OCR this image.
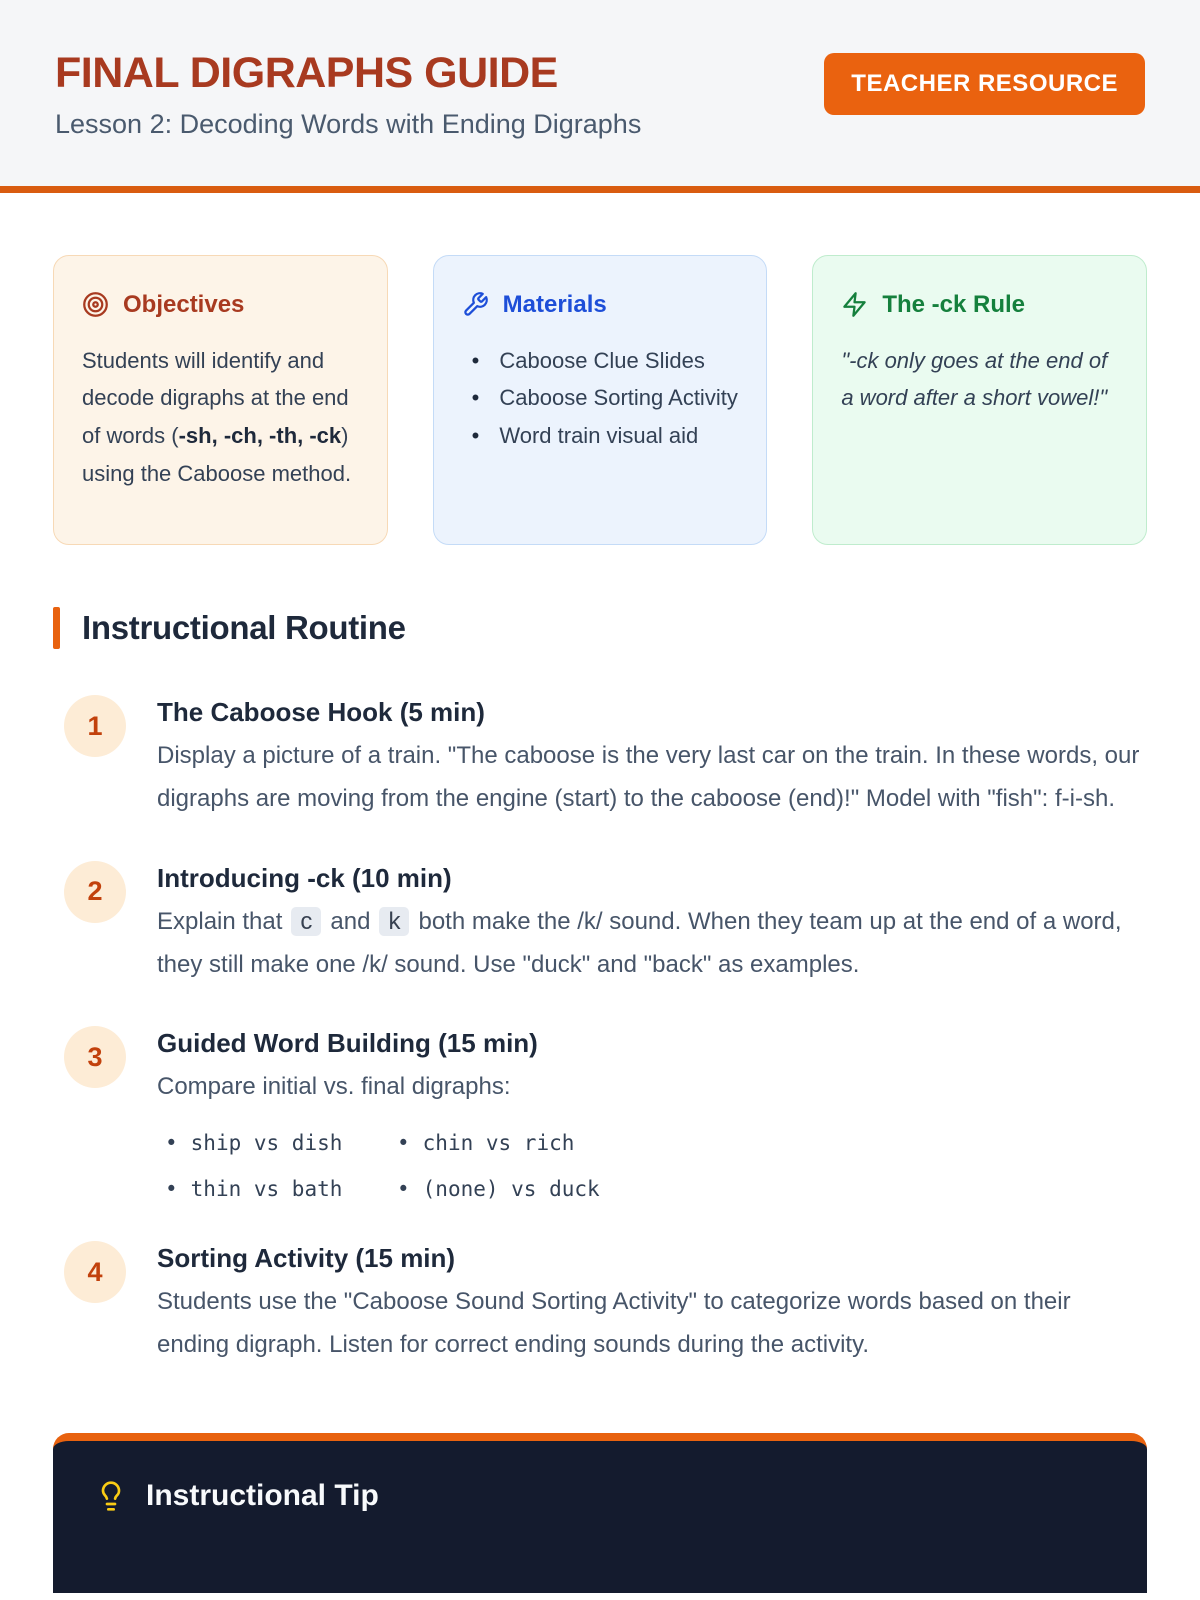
FINAL DIGRAPHS GUIDE

Lesson 2: Decoding Words with Ending Digraphs

TEACHER RESOURCE
Objectives

Students will identify and decode digraphs at the end of words (-sh, -ch, -th, -ck) using the Caboose method.

Materials
• Caboose Clue Slides
• Caboose Sorting Activity
• Word train visual aid
The -ck Rule

"-ck only goes at the end of a word after a short vowel!"

Instructional Routine
1	The Caboose Hook (5 min)

Display a picture of a train. "The caboose is the very last car on the train. In these words, our digraphs are moving from the engine (start) to the caboose (end)!" Model with "fish": f-i-sh.

2	Introducing -ck (10 min)

Explain that c and k both make the /k/ sound. When they team up at the end of a word, they still make one /k/ sound. Use "duck" and "back" as examples.

3	Guided Word Building (15 min)

Compare initial vs. final digraphs:

• ship vs dish	• chin vs rich
• thin vs bath	• (none) vs duck
4	Sorting Activity (15 min)

Students use the "Caboose Sound Sorting Activity" to categorize words based on their ending digraph. Listen for correct ending sounds during the activity.

Instructional Tip
